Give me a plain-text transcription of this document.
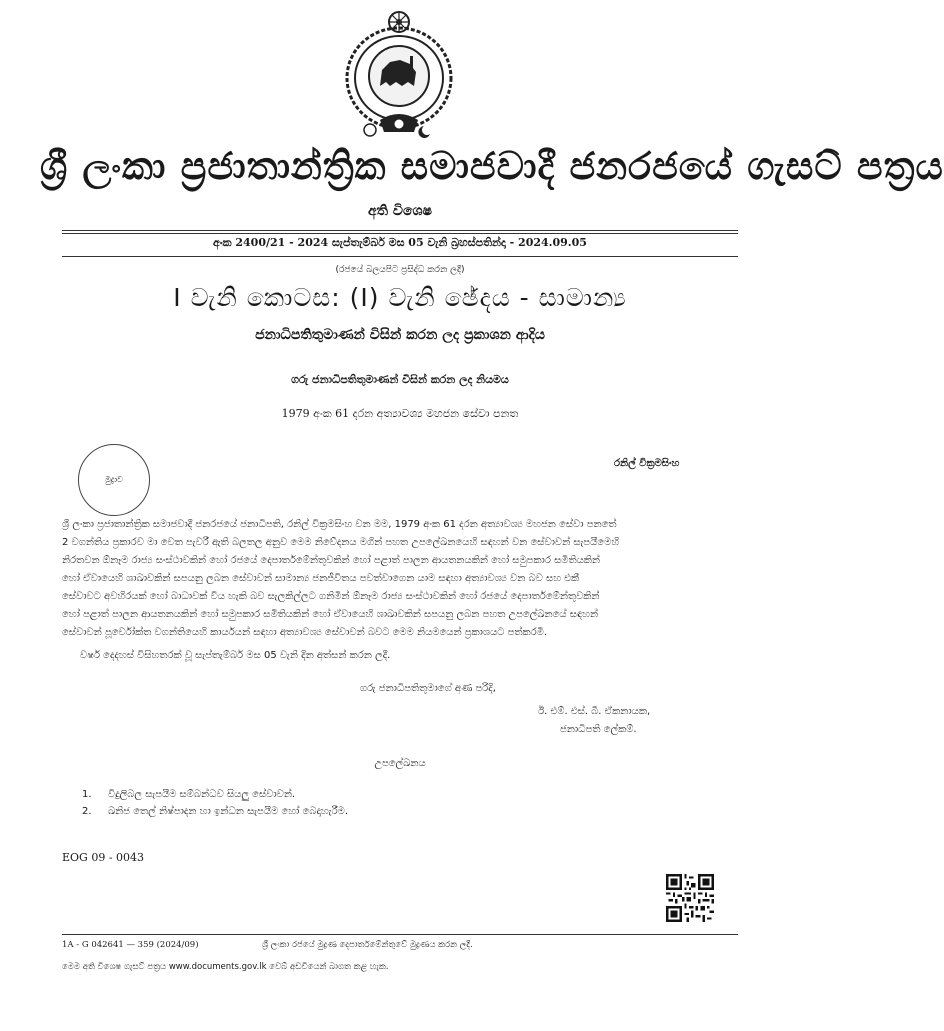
ශ්‍රී ලංකා ප්‍රජාතාන්ත්‍රික සමාජවාදී ජනරජයේ ගැසට් පත්‍රය
අති විශෙෂ
අංක 2400/21 - 2024 සැප්තැම්බර් මස 05 වැනි බ්‍රහස්පතින්දා - 2024.09.05
(රජයේ බලයපිට ප්‍රසිද්ධ කරන ලදී)
I වැනි කොටස: (I) වැනි ඡේදය - සාමාන්‍ය
ජනාධිපතිතුමාණන් විසින් කරන ලද ප්‍රකාශන ආදිය
ගරු ජනාධිපතිතුමාණන් විසින් කරන ලද නියමය
1979 අංක 61 දරන අත්‍යාවශ්‍ය මහජන සේවා පනත
මුද්‍රාව
රනිල් වික්‍රමසිංහ
ශ්‍රී ලංකා ප්‍රජාතාන්ත්‍රික සමාජවාදී ජනරජයේ ජනාධිපති, රනිල් වික්‍රමසිංහ වන මම, 1979 අංක 61 දරන අත්‍යාවශ්‍ය මහජන සේවා පනතේ
2 වගන්තිය ප්‍රකාරව මා වෙත පැවරී ඇති බලතල අනුව මෙම නිවේදනය මගින් පහත උපලේඛනයෙහි සඳහන් වන සේවාවන් සැපයීමෙහි
නිරතවන ඕනෑම රාජ්‍ය සංස්ථාවකින් හෝ රජයේ දෙපාර්තමේන්තුවකින් හෝ පළාත් පාලන ආයතනයකින් හෝ සමුපකාර සමිතියකින්
හෝ ඒවායෙහි ශාඛාවකින් සපයනු ලබන සේවාවන් සාමාන්‍ය ජනජීවිතය පවත්වාගෙන යාම සඳහා අත්‍යාවශ්‍ය වන බව සහ එකී
සේවාවට අවහිරයක් හෝ බාධාවක් විය හැකි බව සැලකිල්ලට ගනිමින් ඕනෑම රාජ්‍ය සංස්ථාවකින් හෝ රජයේ දෙපාර්තමේන්තුවකින්
හෝ පළාත් පාලන ආයතනයකින් හෝ සමුපකාර සමිතියකින් හෝ ඒවායෙහි ශාඛාවකින් සපයනු ලබන පහත උපලේඛනයේ සඳහන්
සේවාවන් පූර්වෝක්ත වගන්තියෙහි කාර්යයන් සඳහා අත්‍යාවශ්‍ය සේවාවන් බවට මෙම නියමයෙන් ප්‍රකාශයට පත්කරමි.
වර්ෂ දෙදහස් විසිහතරක් වූ සැප්තැම්බර් මස 05 වැනි දින අත්සන් කරන ලදී.
ගරු ජනාධිපතිතුමාගේ අණ පරිදි,
ඊ. එම්. එස්. බී. ඒකනායක,
ජනාධිපති ලේකම්.
උපලේඛනය
1.	විදුලිබල සැපයීම සම්බන්ධව සියලු සේවාවන්.
2.	ඛනිජ තෙල් නිෂ්පාදන හා ඉන්ධන සැපයීම හෝ බෙදාහැරීම.
EOG 09 - 0043
1A - G 042641 — 359 (2024/09)	ශ්‍රී ලංකා රජයේ මුද්‍රණ දෙපාර්තමේන්තුවේ මුද්‍රණය කරන ලදී.
මෙම අති විශෙෂ ගැසට් පත්‍රය www.documents.gov.lk වෙබ් අඩවියෙන් බාගත කළ හැක.
